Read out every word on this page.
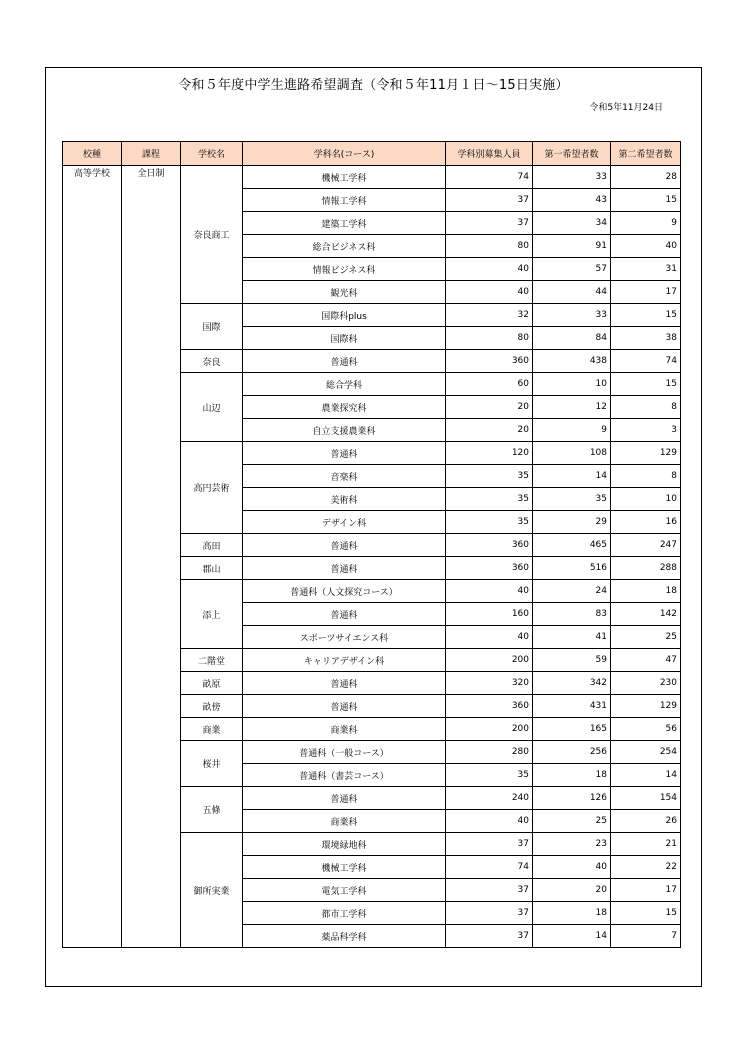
令和５年度中学生進路希望調査（令和５年11月１日～15日実施）
令和5年11月24日
校種	課程	学校名	学科名(コース)	学科別募集人員	第一希望者数	第二希望者数
高等学校	全日制	奈良商工	機械工学科	74	33	28
			情報工学科	37	43	15
			建築工学科	37	34	9
			総合ビジネス科	80	91	40
			情報ビジネス科	40	57	31
			観光科	40	44	17
		国際	国際科plus	32	33	15
			国際科	80	84	38
		奈良	普通科	360	438	74
		山辺	総合学科	60	10	15
			農業探究科	20	12	8
			自立支援農業科	20	9	3
		高円芸術	普通科	120	108	129
			音楽科	35	14	8
			美術科	35	35	10
			デザイン科	35	29	16
		高田	普通科	360	465	247
		郡山	普通科	360	516	288
		添上	普通科（人文探究コース）	40	24	18
			普通科	160	83	142
			スポーツサイエンス科	40	41	25
		二階堂	キャリアデザイン科	200	59	47
		畝原	普通科	320	342	230
		畝傍	普通科	360	431	129
		商業	商業科	200	165	56
		桜井	普通科（一般コース）	280	256	254
			普通科（書芸コース）	35	18	14
		五條	普通科	240	126	154
			商業科	40	25	26
		御所実業	環境緑地科	37	23	21
			機械工学科	74	40	22
			電気工学科	37	20	17
			都市工学科	37	18	15
			薬品科学科	37	14	7
